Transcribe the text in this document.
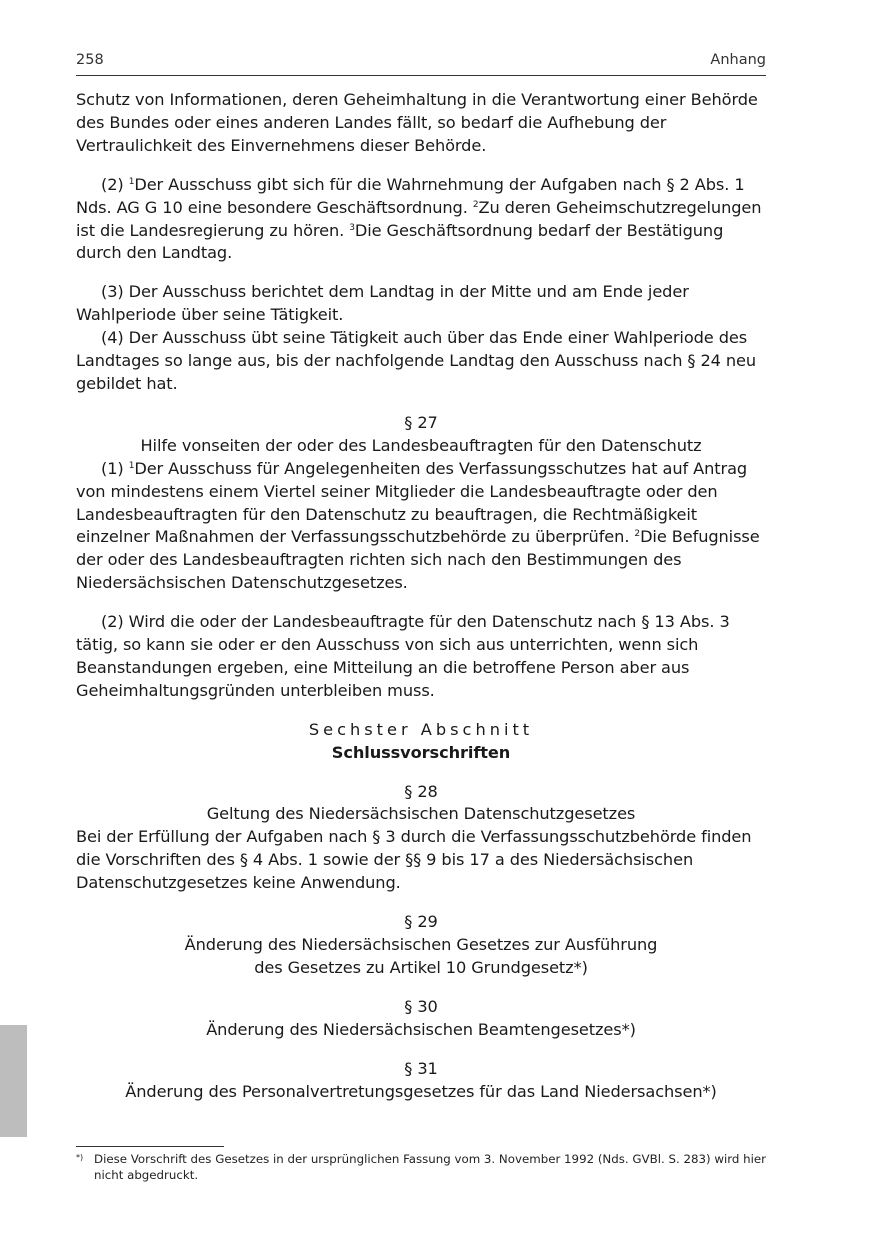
258	Anhang

Schutz von Informationen, deren Geheimhaltung in die Verantwortung einer Behörde des Bundes oder eines anderen Landes fällt, so bedarf die Aufhebung der Vertraulichkeit des Einvernehmens dieser Behörde.

(2) $^1$Der Ausschuss gibt sich für die Wahrnehmung der Aufgaben nach § 2 Abs. 1 Nds. AG G 10 eine besondere Geschäftsordnung. $^2$Zu deren Geheimschutzregelungen ist die Landesregierung zu hören. $^3$Die Geschäftsordnung bedarf der Bestätigung durch den Landtag.

(3) Der Ausschuss berichtet dem Landtag in der Mitte und am Ende jeder Wahlperiode über seine Tätigkeit.

(4) Der Ausschuss übt seine Tätigkeit auch über das Ende einer Wahlperiode des Landtages so lange aus, bis der nachfolgende Landtag den Ausschuss nach § 24 neu gebildet hat.

§ 27

Hilfe vonseiten der oder des Landesbeauftragten für den Datenschutz

(1) $^1$Der Ausschuss für Angelegenheiten des Verfassungsschutzes hat auf Antrag von mindestens einem Viertel seiner Mitglieder die Landesbeauftragte oder den Landesbeauftragten für den Datenschutz zu beauftragen, die Rechtmäßigkeit einzelner Maßnahmen der Verfassungsschutzbehörde zu überprüfen. $^2$Die Befugnisse der oder des Landesbeauftragten richten sich nach den Bestimmungen des Niedersächsischen Datenschutzgesetzes.

(2) Wird die oder der Landesbeauftragte für den Datenschutz nach § 13 Abs. 3 tätig, so kann sie oder er den Ausschuss von sich aus unterrichten, wenn sich Beanstandungen ergeben, eine Mitteilung an die betroffene Person aber aus Geheimhaltungsgründen unterbleiben muss.

Sechster Abschnitt

Schlussvorschriften

§ 28

Geltung des Niedersächsischen Datenschutzgesetzes

Bei der Erfüllung der Aufgaben nach § 3 durch die Verfassungsschutzbehörde finden die Vorschriften des § 4 Abs. 1 sowie der §§ 9 bis 17 a des Niedersächsischen Datenschutzgesetzes keine Anwendung.

§ 29

Änderung des Niedersächsischen Gesetzes zur Ausführung

des Gesetzes zu Artikel 10 Grundgesetz*)

§ 30

Änderung des Niedersächsischen Beamtengesetzes*)

§ 31

Änderung des Personalvertretungsgesetzes für das Land Niedersachsen*)

*) Diese Vorschrift des Gesetzes in der ursprünglichen Fassung vom 3. November 1992 (Nds. GVBl. S. 283) wird hier nicht abgedruckt.
